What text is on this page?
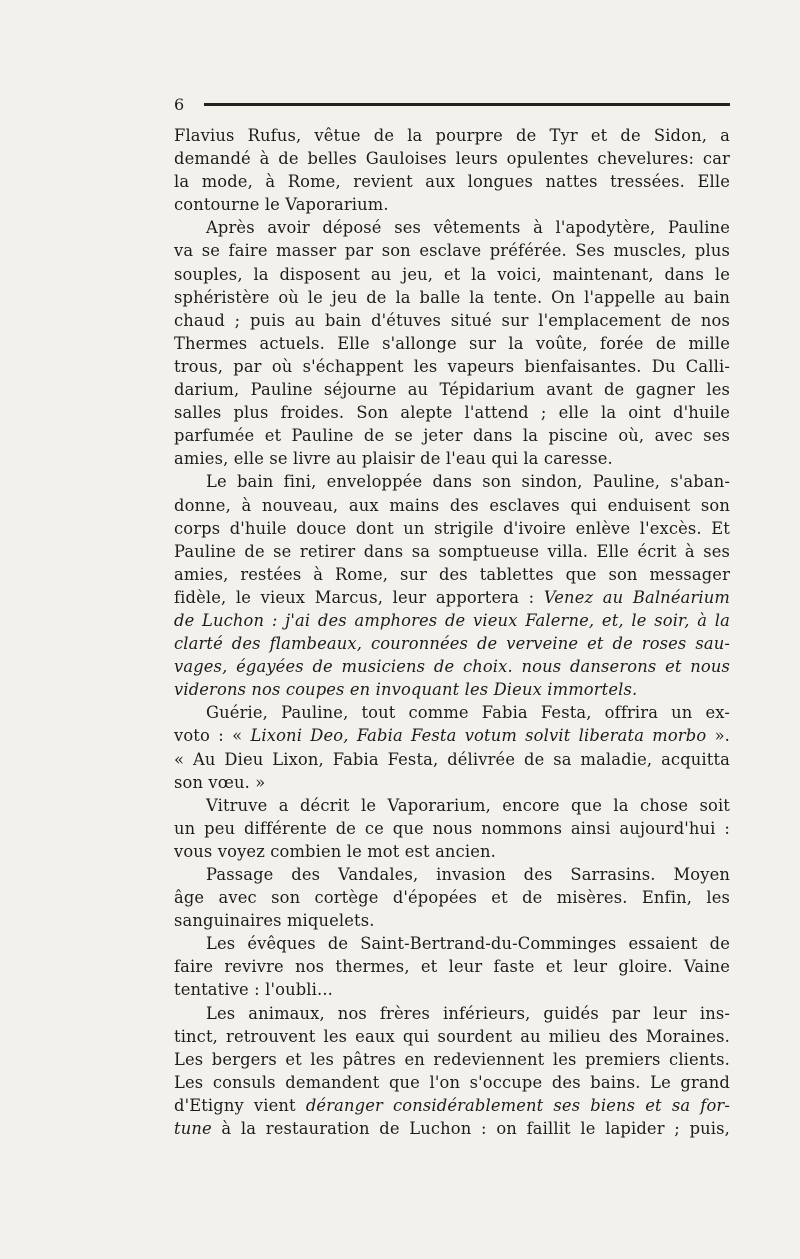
6

Flavius Rufus, vêtue de la pourpre de Tyr et de Sidon, a

demandé à de belles Gauloises leurs opulentes chevelures: car

la mode, à Rome, revient aux longues nattes tressées. Elle

contourne le Vaporarium.

Après avoir déposé ses vêtements à l'apodytère, Pauline

va se faire masser par son esclave préférée. Ses muscles, plus

souples, la disposent au jeu, et la voici, maintenant, dans le

sphéristère où le jeu de la balle la tente. On l'appelle au bain

chaud ; puis au bain d'étuves situé sur l'emplacement de nos

Thermes actuels. Elle s'allonge sur la voûte, forée de mille

trous, par où s'échappent les vapeurs bienfaisantes. Du Calli-

darium, Pauline séjourne au Tépidarium avant de gagner les

salles plus froides. Son alepte l'attend ; elle la oint d'huile

parfumée et Pauline de se jeter dans la piscine où, avec ses

amies, elle se livre au plaisir de l'eau qui la caresse.

Le bain fini, enveloppée dans son sindon, Pauline, s'aban-

donne, à nouveau, aux mains des esclaves qui enduisent son

corps d'huile douce dont un strigile d'ivoire enlève l'excès. Et

Pauline de se retirer dans sa somptueuse villa. Elle écrit à ses

amies, restées à Rome, sur des tablettes que son messager

fidèle, le vieux Marcus, leur apportera : Venez au Balnéarium

de Luchon : j'ai des amphores de vieux Falerne, et, le soir, à la

clarté des flambeaux, couronnées de verveine et de roses sau-

vages, égayées de musiciens de choix. nous danserons et nous

viderons nos coupes en invoquant les Dieux immortels.

Guérie, Pauline, tout comme Fabia Festa, offrira un ex-

voto : « Lixoni Deo, Fabia Festa votum solvit liberata morbo ».

« Au Dieu Lixon, Fabia Festa, délivrée de sa maladie, acquitta

son vœu. »

Vitruve a décrit le Vaporarium, encore que la chose soit

un peu différente de ce que nous nommons ainsi aujourd'hui :

vous voyez combien le mot est ancien.

Passage des Vandales, invasion des Sarrasins. Moyen

âge avec son cortège d'épopées et de misères. Enfin, les

sanguinaires miquelets.

Les évêques de Saint-Bertrand-du-Comminges essaient de

faire revivre nos thermes, et leur faste et leur gloire. Vaine

tentative : l'oubli...

Les animaux, nos frères inférieurs, guidés par leur ins-

tinct, retrouvent les eaux qui sourdent au milieu des Moraines.

Les bergers et les pâtres en redeviennent les premiers clients.

Les consuls demandent que l'on s'occupe des bains. Le grand

d'Etigny vient déranger considérablement ses biens et sa for-

tune à la restauration de Luchon : on faillit le lapider ; puis,
